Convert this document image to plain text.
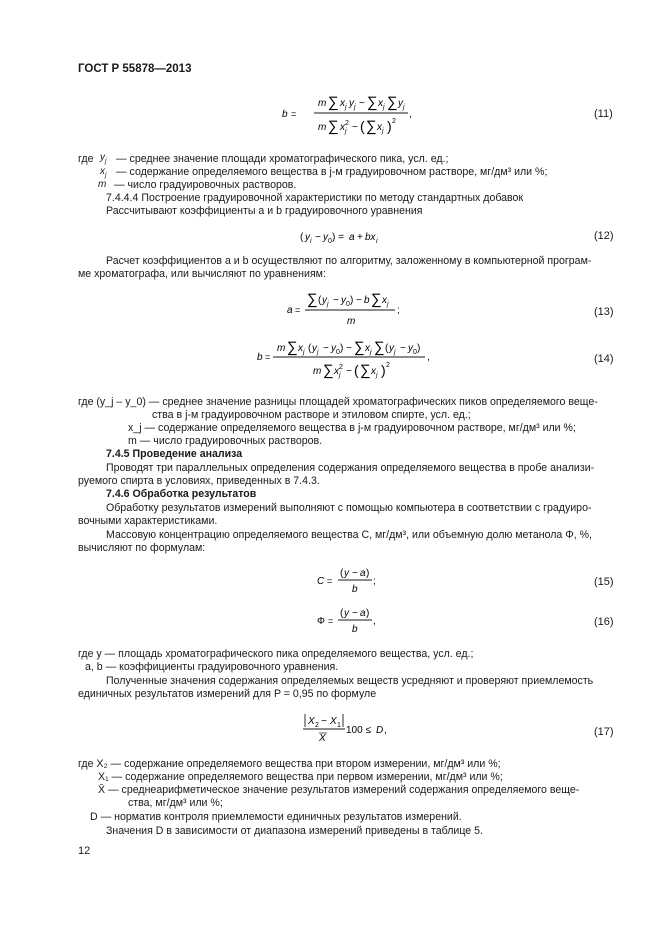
ГОСТ Р 55878—2013
b =
m ∑ x j y j − ∑ x j ∑ y j
m ∑ x j
2 − ( ∑ x j ) 2
,	(11)
где $y_j$ — среднее значение площади хроматографического пика, усл. ед.;
$x_j$ — содержание определяемого вещества в j-м градуировочном растворе, мг/дм³ или %;
m — число градуировочных растворов.
7.4.4.4 Построение градуировочной характеристики по методу стандартных добавок
Рассчитывают коэффициенты a и b градуировочного уравнения
( y i − y 0 ) = a + bx i	(12)
Расчет коэффициентов a и b осуществляют по алгоритму, заложенному в компьютерной програм-
ме хроматографа, или вычисляют по уравнениям:
a =
∑ ( y j − y 0 ) − b ∑ x j
m
;	(13)
b =
m ∑ x j ( y j − y 0 ) − ∑ x j ∑ ( y j − y 0 )
m ∑ x j
2 − ( ∑ x j ) 2
,	(14)
где (y_j – y_0) — среднее значение разницы площадей хроматографических пиков определяемого веще-
ства в j-м градуировочном растворе и этиловом спирте, усл. ед.;
x_j — содержание определяемого вещества в j-м градуировочном растворе, мг/дм³ или %;
m — число градуировочных растворов.
7.4.5 Проведение анализа
Проводят три параллельных определения содержания определяемого вещества в пробе анализи-
руемого спирта в условиях, приведенных в 7.4.3.
7.4.6 Обработка результатов
Обработку результатов измерений выполняют с помощью компьютера в соответствии с градуиро-
вочными характеристиками.
Массовую концентрацию определяемого вещества C, мг/дм³, или объемную долю метанола Φ, %,
вычисляют по формулам:
C =
( y − a )
b
;	(15)
Φ =
( y − a )
b
,	(16)
где y — площадь хроматографического пика определяемого вещества, усл. ед.;
a, b — коэффициенты градуировочного уравнения.
Полученные значения содержания определяемых веществ усредняют и проверяют приемлемость
единичных результатов измерений для P = 0,95 по формуле
X 2 − X 1
X
100 ≤ D ,	(17)
где X₂ — содержание определяемого вещества при втором измерении, мг/дм³ или %;
X₁ — содержание определяемого вещества при первом измерении, мг/дм³ или %;
X̄ — среднеарифметическое значение результатов измерений содержания определяемого веще-
ства, мг/дм³ или %;
D — норматив контроля приемлемости единичных результатов измерений.
Значения D в зависимости от диапазона измерений приведены в таблице 5.
12
